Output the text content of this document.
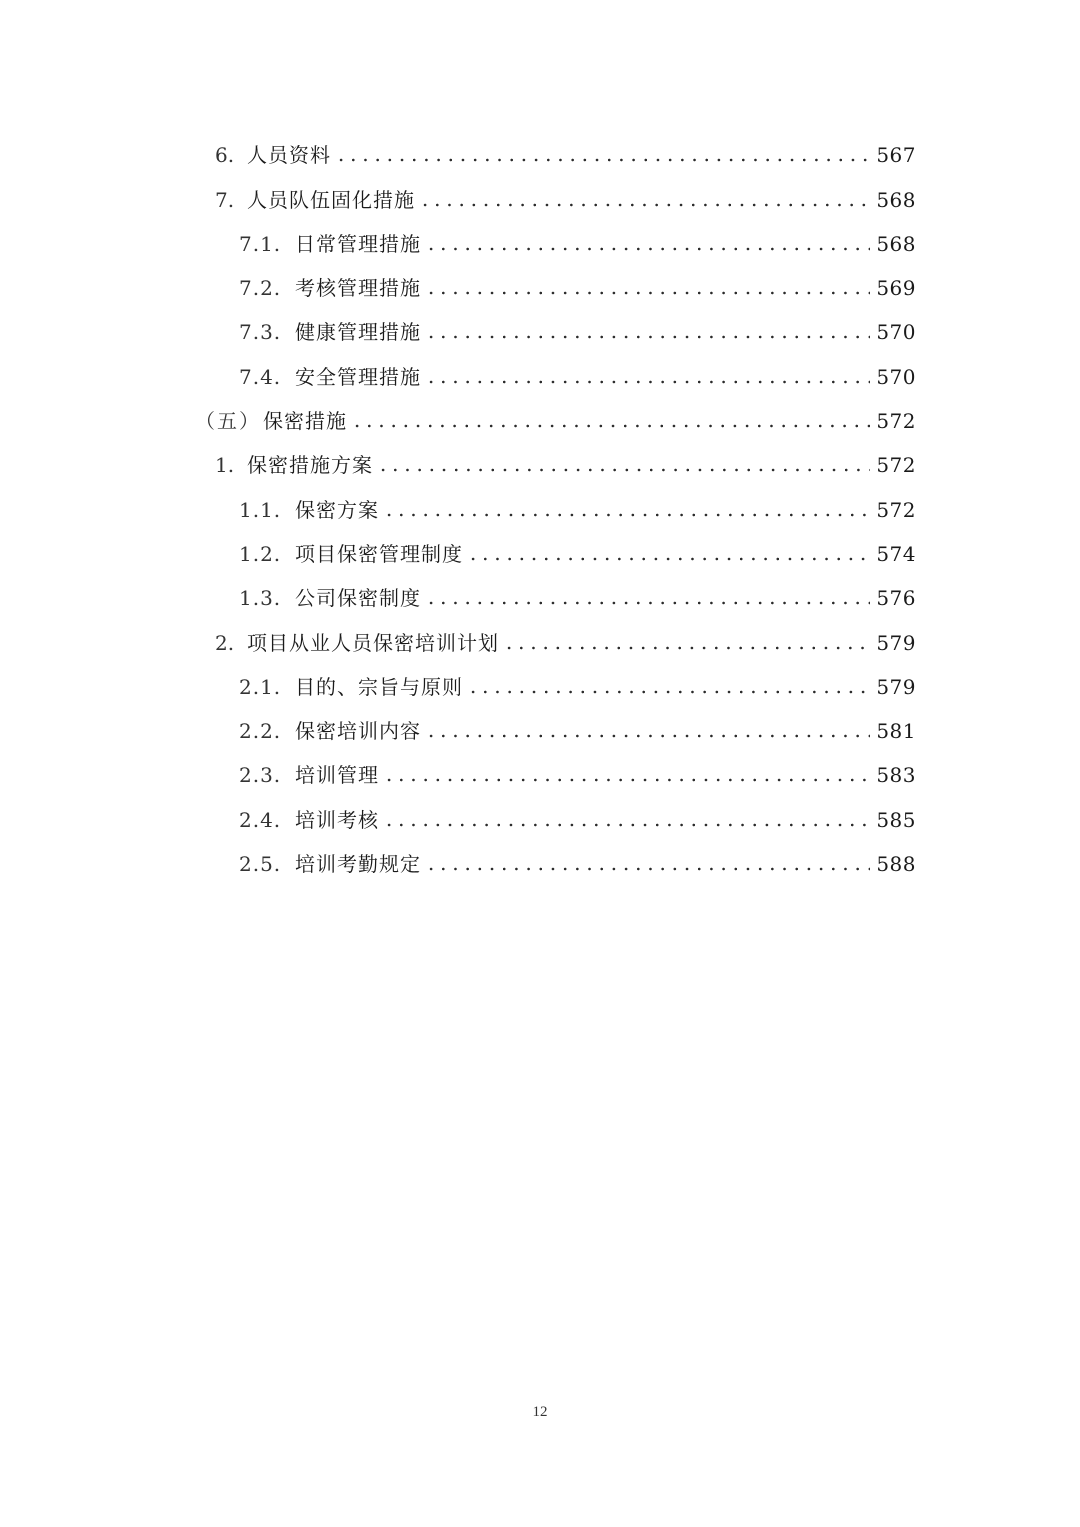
6. 人员资料	567
7. 人员队伍固化措施	568
7.1. 日常管理措施	568
7.2. 考核管理措施	569
7.3. 健康管理措施	570
7.4. 安全管理措施	570
（五） 保密措施	572
1. 保密措施方案	572
1.1. 保密方案	572
1.2. 项目保密管理制度	574
1.3. 公司保密制度	576
2. 项目从业人员保密培训计划	579
2.1. 目的、宗旨与原则	579
2.2. 保密培训内容	581
2.3. 培训管理	583
2.4. 培训考核	585
2.5. 培训考勤规定	588
12
